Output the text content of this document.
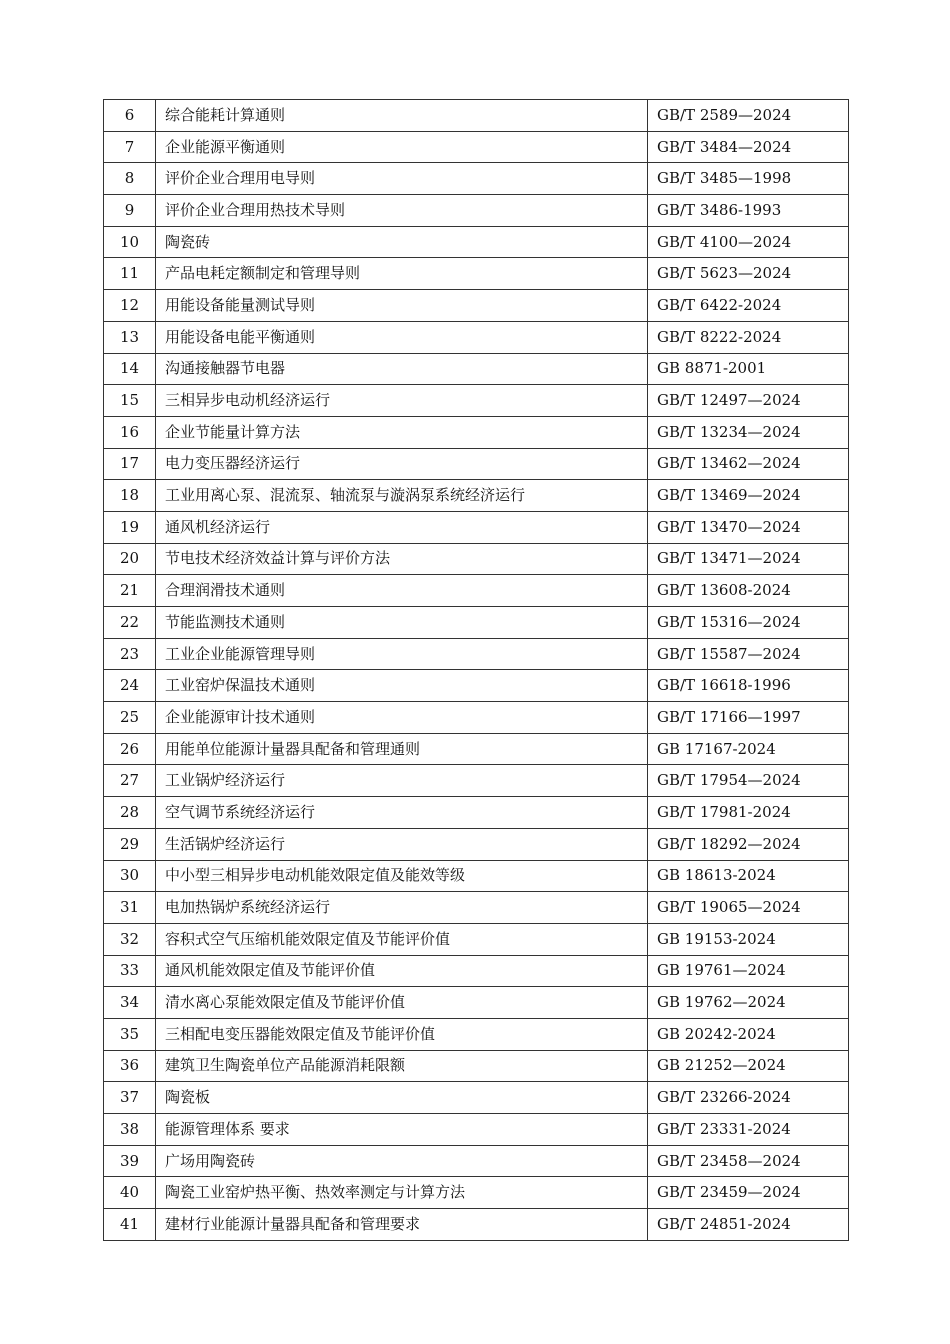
6	综合能耗计算通则	GB/T 2589—2024
7	企业能源平衡通则	GB/T 3484—2024
8	评价企业合理用电导则	GB/T 3485—1998
9	评价企业合理用热技术导则	GB/T 3486-1993
10	陶瓷砖	GB/T 4100—2024
11	产品电耗定额制定和管理导则	GB/T 5623—2024
12	用能设备能量测试导则	GB/T 6422-2024
13	用能设备电能平衡通则	GB/T 8222-2024
14	沟通接触器节电器	GB 8871-2001
15	三相异步电动机经济运行	GB/T 12497—2024
16	企业节能量计算方法	GB/T 13234—2024
17	电力变压器经济运行	GB/T 13462—2024
18	工业用离心泵、混流泵、轴流泵与漩涡泵系统经济运行	GB/T 13469—2024
19	通风机经济运行	GB/T 13470—2024
20	节电技术经济效益计算与评价方法	GB/T 13471—2024
21	合理润滑技术通则	GB/T 13608-2024
22	节能监测技术通则	GB/T 15316—2024
23	工业企业能源管理导则	GB/T 15587—2024
24	工业窑炉保温技术通则	GB/T 16618-1996
25	企业能源审计技术通则	GB/T 17166—1997
26	用能单位能源计量器具配备和管理通则	GB 17167-2024
27	工业锅炉经济运行	GB/T 17954—2024
28	空气调节系统经济运行	GB/T 17981-2024
29	生活锅炉经济运行	GB/T 18292—2024
30	中小型三相异步电动机能效限定值及能效等级	GB 18613-2024
31	电加热锅炉系统经济运行	GB/T 19065—2024
32	容积式空气压缩机能效限定值及节能评价值	GB 19153-2024
33	通风机能效限定值及节能评价值	GB 19761—2024
34	清水离心泵能效限定值及节能评价值	GB 19762—2024
35	三相配电变压器能效限定值及节能评价值	GB 20242-2024
36	建筑卫生陶瓷单位产品能源消耗限额	GB 21252—2024
37	陶瓷板	GB/T 23266-2024
38	能源管理体系 要求	GB/T 23331-2024
39	广场用陶瓷砖	GB/T 23458—2024
40	陶瓷工业窑炉热平衡、热效率测定与计算方法	GB/T 23459—2024
41	建材行业能源计量器具配备和管理要求	GB/T 24851-2024
